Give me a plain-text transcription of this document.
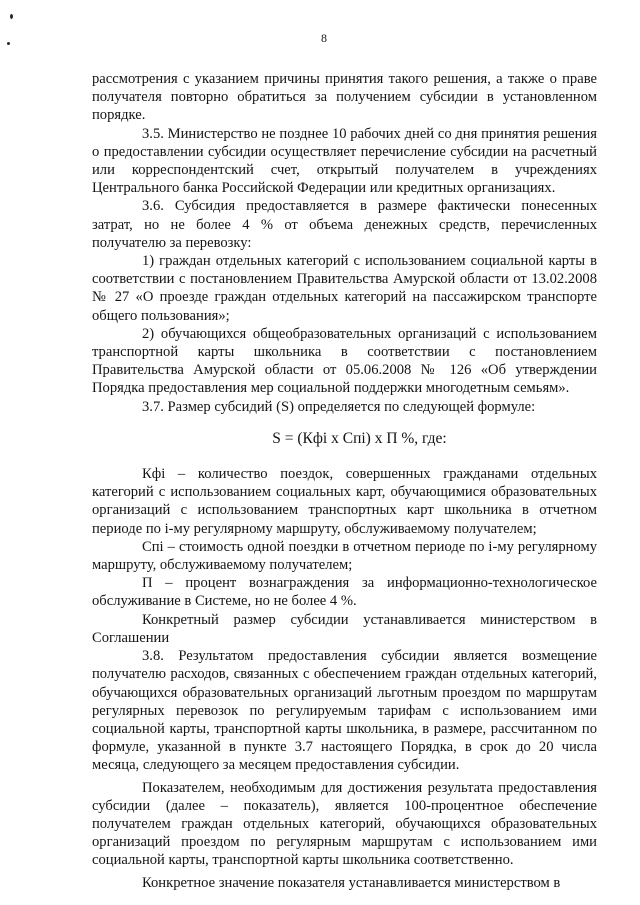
8

рассмотрения с указанием причины принятия такого решения, а также о праве получателя повторно обратиться за получением субсидии в установленном порядке.

3.5. Министерство не позднее 10 рабочих дней со дня принятия решения о предоставлении субсидии осуществляет перечисление субсидии на расчетный или корреспондентский счет, открытый получателем в учреждениях Центрального банка Российской Федерации или кредитных организациях.

3.6. Субсидия предоставляется в размере фактически понесенных затрат, но не более 4 % от объема денежных средств, перечисленных получателю за перевозку:

1) граждан отдельных категорий с использованием социальной карты в соответствии с постановлением Правительства Амурской области от 13.02.2008 № 27 «О проезде граждан отдельных категорий на пассажирском транспорте общего пользования»;

2) обучающихся общеобразовательных организаций с использованием транспортной карты школьника в соответствии с постановлением Правительства Амурской области от 05.06.2008 № 126 «Об утверждении Порядка предоставления мер социальной поддержки многодетным семьям».

3.7. Размер субсидий (S) определяется по следующей формуле:

S = (Кфi х Спi) х П %, где:

Кфi – количество поездок, совершенных гражданами отдельных категорий с использованием социальных карт, обучающимися образовательных организаций с использованием транспортных карт школьника в отчетном периоде по i-му регулярному маршруту, обслуживаемому получателем;

Спi – стоимость одной поездки в отчетном периоде по i-му регулярному маршруту, обслуживаемому получателем;

П – процент вознаграждения за информационно-технологическое обслуживание в Системе, но не более 4 %.

Конкретный размер субсидии устанавливается министерством в Соглашении

3.8. Результатом предоставления субсидии является возмещение получателю расходов, связанных с обеспечением граждан отдельных категорий, обучающихся образовательных организаций льготным проездом по маршрутам регулярных перевозок по регулируемым тарифам с использованием ими социальной карты, транспортной карты школьника, в размере, рассчитанном по формуле, указанной в пункте 3.7 настоящего Порядка, в срок до 20 числа месяца, следующего за месяцем предоставления субсидии.

Показателем, необходимым для достижения результата предоставления субсидии (далее – показатель), является 100-процентное обеспечение получателем граждан отдельных категорий, обучающихся образовательных организаций проездом по регулярным маршрутам с использованием ими социальной карты, транспортной карты школьника соответственно.

Конкретное значение показателя устанавливается министерством в
